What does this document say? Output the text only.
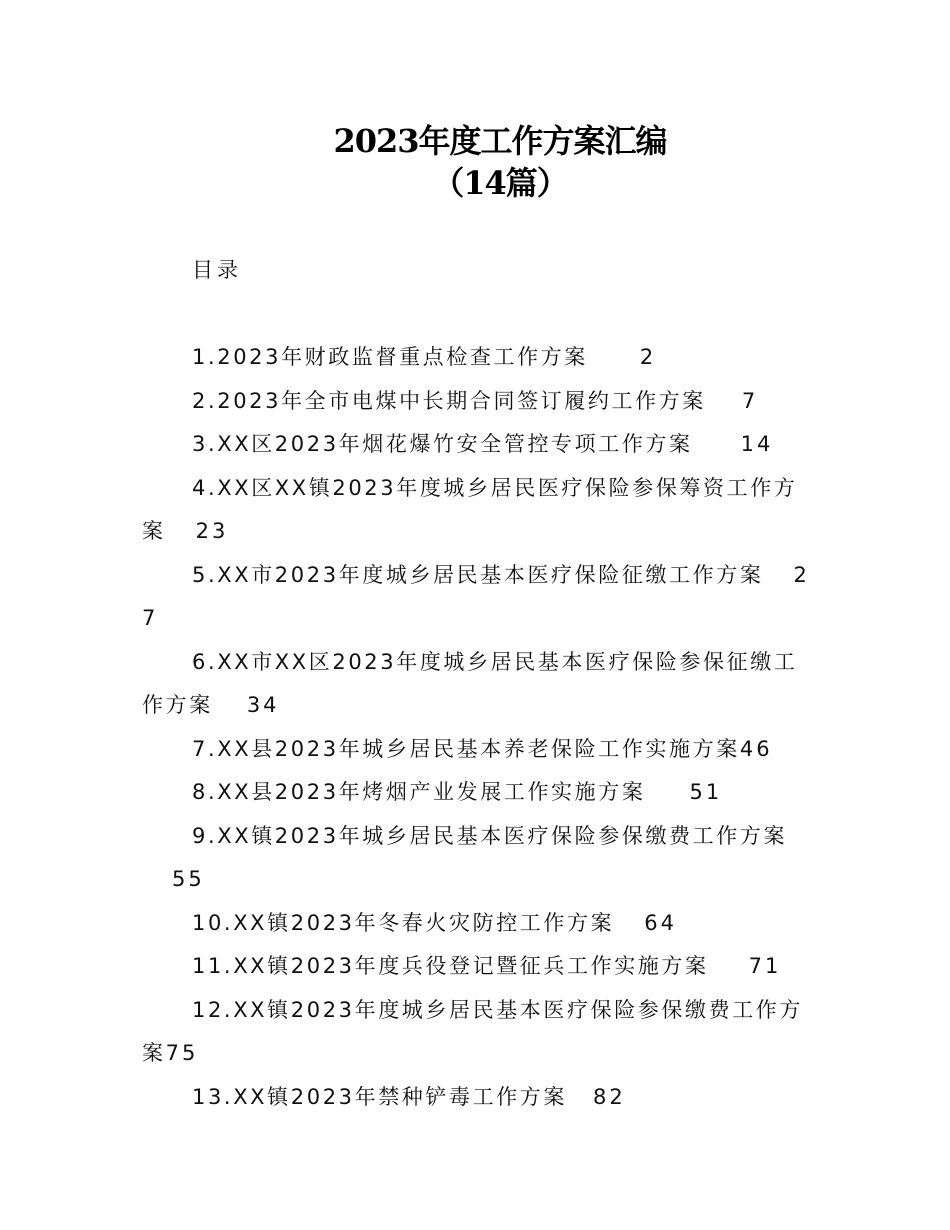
2023年度工作方案汇编
（14篇）
目录
1.2023年财政监督重点检查工作方案 2
2.2023年全市电煤中长期合同签订履约工作方案 7
3.XX区2023年烟花爆竹安全管控专项工作方案 14
4.XX区XX镇2023年度城乡居民医疗保险参保筹资工作方案 23
5.XX市2023年度城乡居民基本医疗保险征缴工作方案 27
6.XX市XX区2023年度城乡居民基本医疗保险参保征缴工作方案 34
7.XX县2023年城乡居民基本养老保险工作实施方案46
8.XX县2023年烤烟产业发展工作实施方案 51
9.XX镇2023年城乡居民基本医疗保险参保缴费工作方案55
10.XX镇2023年冬春火灾防控工作方案 64
11.XX镇2023年度兵役登记暨征兵工作实施方案 71
12.XX镇2023年度城乡居民基本医疗保险参保缴费工作方案75
13.XX镇2023年禁种铲毒工作方案 82
